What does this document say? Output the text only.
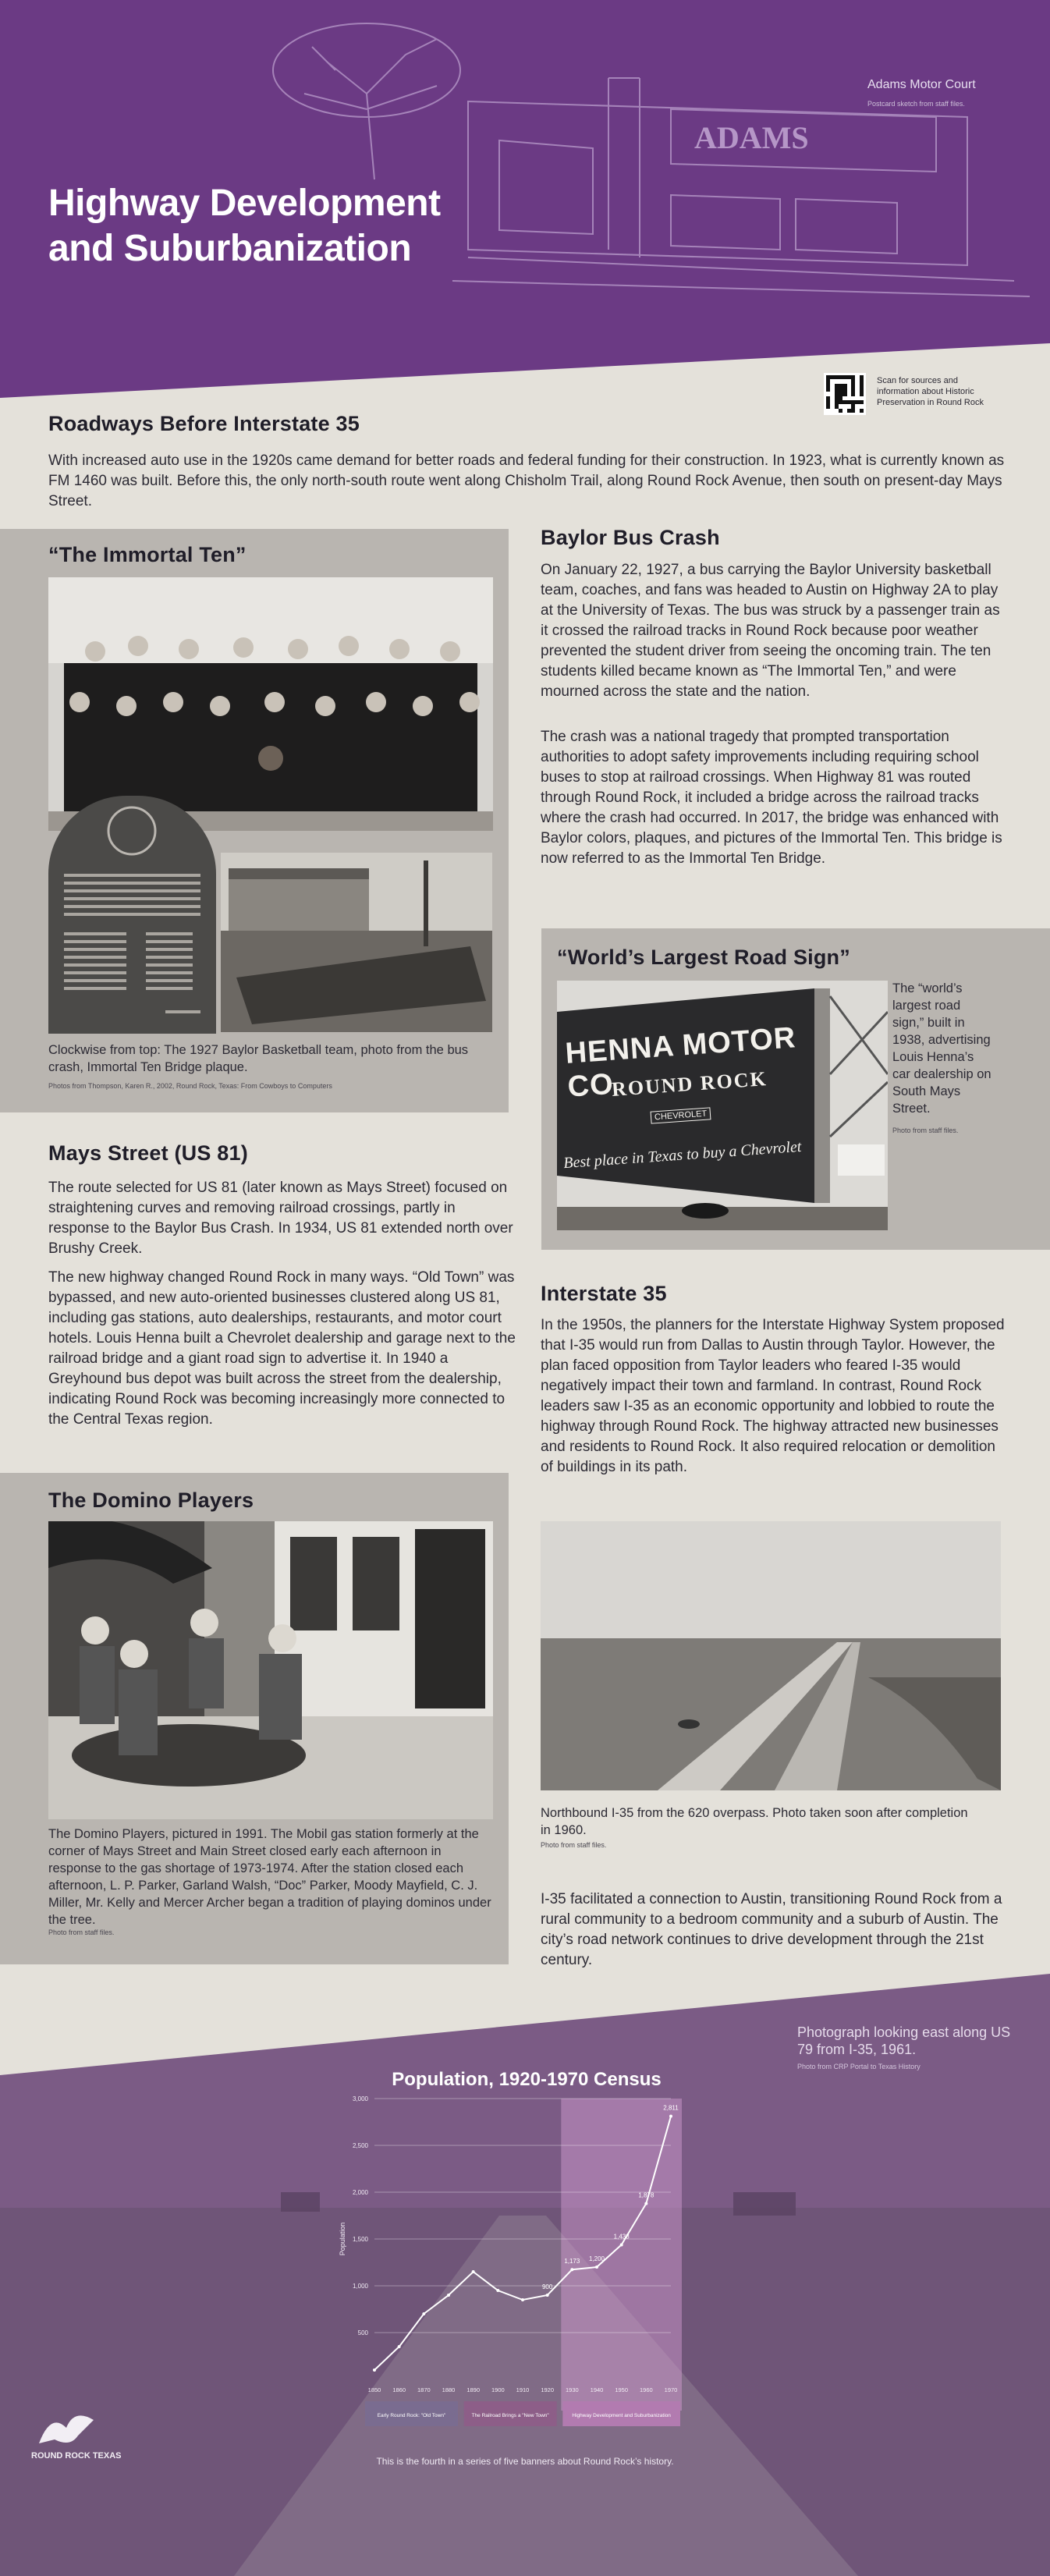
ADAMS
Highway Development
and Suburbanization
Adams Motor Court
Postcard sketch from staff files.
Scan for sources and information about Historic Preservation in Round Rock
Roadways Before Interstate 35
With increased auto use in the 1920s came demand for better roads and federal funding for their construction. In 1923, what is currently known as FM 1460 was built. Before this, the only north-south route went along Chisholm Trail, along Round Rock Avenue, then south on present-day Mays Street.
“The Immortal Ten”
Clockwise from top: The 1927 Baylor Basketball team, photo from the bus crash, Immortal Ten Bridge plaque.
Photos from Thompson, Karen R., 2002, Round Rock, Texas: From Cowboys to Computers
Baylor Bus Crash
On January 22, 1927, a bus carrying the Baylor University basketball team, coaches, and fans was headed to Austin on Highway 2A to play at the University of Texas. The bus was struck by a passenger train as it crossed the railroad tracks in Round Rock because poor weather prevented the student driver from seeing the oncoming train. The ten students killed became known as “The Immortal Ten,” and were mourned across the state and the nation.
The crash was a national tragedy that prompted transportation authorities to adopt safety improvements including requiring school buses to stop at railroad crossings. When Highway 81 was routed through Round Rock, it included a bridge across the railroad tracks where the crash had occurred. In 2017, the bridge was enhanced with Baylor colors, plaques, and pictures of the Immortal Ten. This bridge is now referred to as the Immortal Ten Bridge.
“World’s Largest Road Sign”
HENNA MOTOR CO
ROUND ROCK
CHEVROLET
Best place in Texas to buy a Chevrolet
The “world’s largest road sign,” built in 1938, advertising Louis Henna’s car dealership on South Mays Street.
Photo from staff files.
Mays Street (US 81)
The route selected for US 81 (later known as Mays Street) focused on straightening curves and removing railroad crossings, partly in response to the Baylor Bus Crash. In 1934, US 81 extended north over Brushy Creek.
The new highway changed Round Rock in many ways. “Old Town” was bypassed, and new auto-oriented businesses clustered along US 81, including gas stations, auto dealerships, restaurants, and motor court hotels. Louis Henna built a Chevrolet dealership and garage next to the railroad bridge and a giant road sign to advertise it. In 1940 a Greyhound bus depot was built across the street from the dealership, indicating Round Rock was becoming increasingly more connected to the Central Texas region.
Interstate 35
In the 1950s, the planners for the Interstate Highway System proposed that I-35 would run from Dallas to Austin through Taylor. However, the plan faced opposition from Taylor leaders who feared I-35 would negatively impact their town and farmland. In contrast, Round Rock leaders saw I-35 as an economic opportunity and lobbied to route the highway through Round Rock. The highway attracted new businesses and residents to Round Rock. It also required relocation or demolition of buildings in its path.
The Domino Players
The Domino Players, pictured in 1991. The Mobil gas station formerly at the corner of Mays Street and Main Street closed early each afternoon in response to the gas shortage of 1973-1974. After the station closed each afternoon, L. P. Parker, Garland Walsh, “Doc” Parker, Moody Mayfield, C. J. Miller, Mr. Kelly and Mercer Archer began a tradition of playing dominos under the tree.
Photo from staff files.
Northbound I-35 from the 620 overpass. Photo taken soon after completion in 1960.
Photo from staff files.
I-35 facilitated a connection to Austin, transitioning Round Rock from a rural community to a bedroom community and a suburb of Austin. The city’s road network continues to drive development through the 21st century.
Photograph looking east along US 79 from I-35, 1961.
Photo from CRP Portal to Texas History
Population, 1920-1970 Census
3,000
2,500
2,000
1,500
1,000
500
Population
900
1,173 1,200
1,438
1,878
2,811
1850 1860 1870 1880 1890 1900 1910 1920 1930 1940 1950 1960 1970
Early Round Rock: "Old Town"	The Railroad Brings a "New Town"	Highway Development and Suburbanization
ROUND ROCK TEXAS	This is the fourth in a series of five banners about Round Rock’s history.
